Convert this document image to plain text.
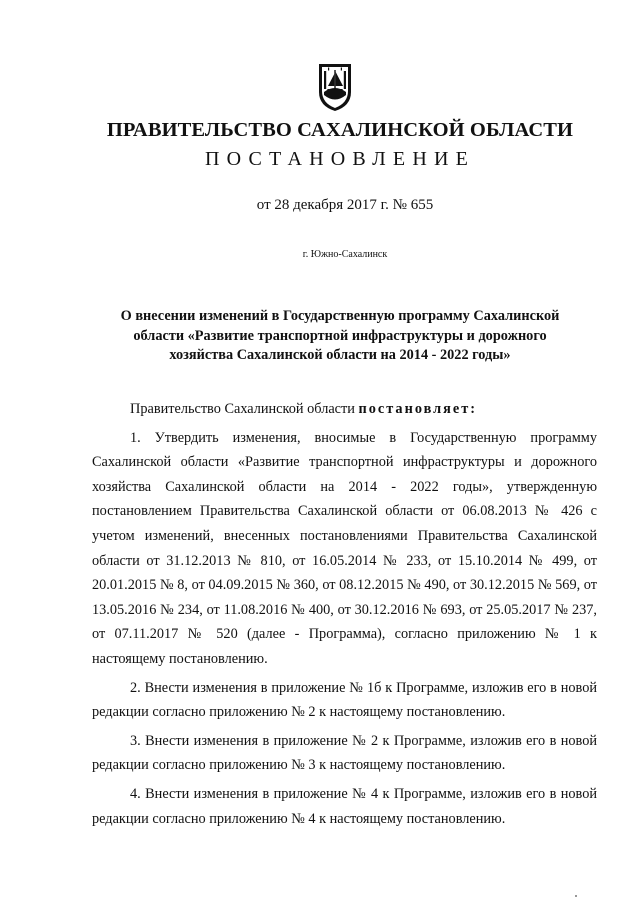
ПРАВИТЕЛЬСТВО САХАЛИНСКОЙ ОБЛАСТИ
ПОСТАНОВЛЕНИЕ
от 28 декабря 2017 г. № 655
г. Южно-Сахалинск
О внесении изменений в Государственную программу Сахалинской области «Развитие транспортной инфраструктуры и дорожного хозяйства Сахалинской области на 2014 - 2022 годы»

Правительство Сахалинской области постановляет:

1. Утвердить изменения, вносимые в Государственную программу Сахалинской области «Развитие транспортной инфраструктуры и дорожного хозяйства Сахалинской области на 2014 - 2022 годы», утвержденную постановлением Правительства Сахалинской области от 06.08.2013 № 426 с учетом изменений, внесенных постановлениями Правительства Сахалинской области от 31.12.2013 № 810, от 16.05.2014 № 233, от 15.10.2014 № 499, от 20.01.2015 № 8, от 04.09.2015 № 360, от 08.12.2015 № 490, от 30.12.2015 № 569, от 13.05.2016 № 234, от 11.08.2016 № 400, от 30.12.2016 № 693, от 25.05.2017 № 237, от 07.11.2017 № 520 (далее - Программа), согласно приложению № 1 к настоящему постановлению.

2. Внести изменения в приложение № 1б к Программе, изложив его в новой редакции согласно приложению № 2 к настоящему постановлению.

3. Внести изменения в приложение № 2 к Программе, изложив его в новой редакции согласно приложению № 3 к настоящему постановлению.

4. Внести изменения в приложение № 4 к Программе, изложив его в новой редакции согласно приложению № 4 к настоящему постановлению.
